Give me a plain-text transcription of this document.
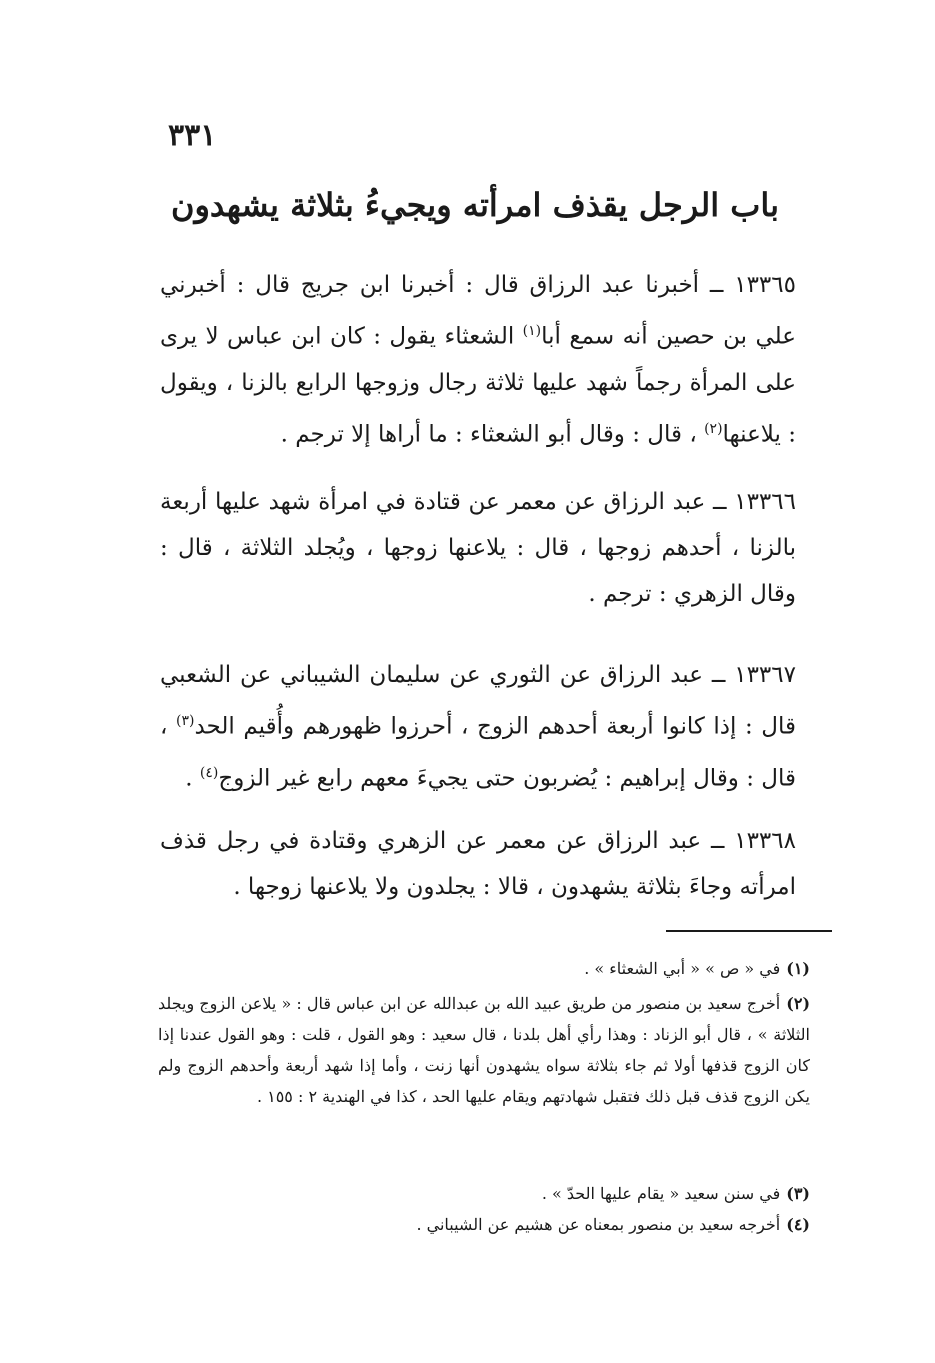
٣٣١
باب الرجل يقذف امرأته ويجيءُ بثلاثة يشهدون

١٣٣٦٥ ــ أخبرنا عبد الرزاق قال : أخبرنا ابن جريج قال : أخبرني علي بن حصين أنه سمع أبا$^{(١)}$ الشعثاء يقول : كان ابن عباس لا يرى على المرأة رجماً شهد عليها ثلاثة رجال وزوجها الرابع بالزنا ، ويقول : يلاعنها$^{(٢)}$ ، قال : وقال أبو الشعثاء : ما أراها إلا ترجم .

١٣٣٦٦ ــ عبد الرزاق عن معمر عن قتادة في امرأة شهد عليها أربعة بالزنا ، أحدهم زوجها ، قال : يلاعنها زوجها ، ويُجلد الثلاثة ، قال : وقال الزهري : ترجم .

١٣٣٦٧ ــ عبد الرزاق عن الثوري عن سليمان الشيباني عن الشعبي قال : إذا كانوا أربعة أحدهم الزوج ، أحرزوا ظهورهم وأُقيم الحد$^{(٣)}$ ، قال : وقال إبراهيم : يُضربون حتى يجيءَ معهم رابع غير الزوج$^{(٤)}$ .

١٣٣٦٨ ــ عبد الرزاق عن معمر عن الزهري وقتادة في رجل قذف امرأته وجاءَ بثلاثة يشهدون ، قالا : يجلدون ولا يلاعنها زوجها .

(١)في « ص » « أبي الشعثاء » .

(٢)أخرج سعيد بن منصور من طريق عبيد الله بن عبدالله عن ابن عباس قال : « يلاعن الزوج ويجلد الثلاثة » ، قال أبو الزناد : وهذا رأي أهل بلدنا ، قال سعيد : وهو القول ، قلت : وهو القول عندنا إذا كان الزوج قذفها أولا ثم جاء بثلاثة سواه يشهدون أنها زنت ، وأما إذا شهد أربعة وأحدهم الزوج ولم يكن الزوج قذف قبل ذلك فتقبل شهادتهم ويقام عليها الحد ، كذا في الهندية ٢ : ١٥٥ .

(٣)في سنن سعيد « يقام عليها الحدّ » .

(٤)أخرجه سعيد بن منصور بمعناه عن هشيم عن الشيباني .
